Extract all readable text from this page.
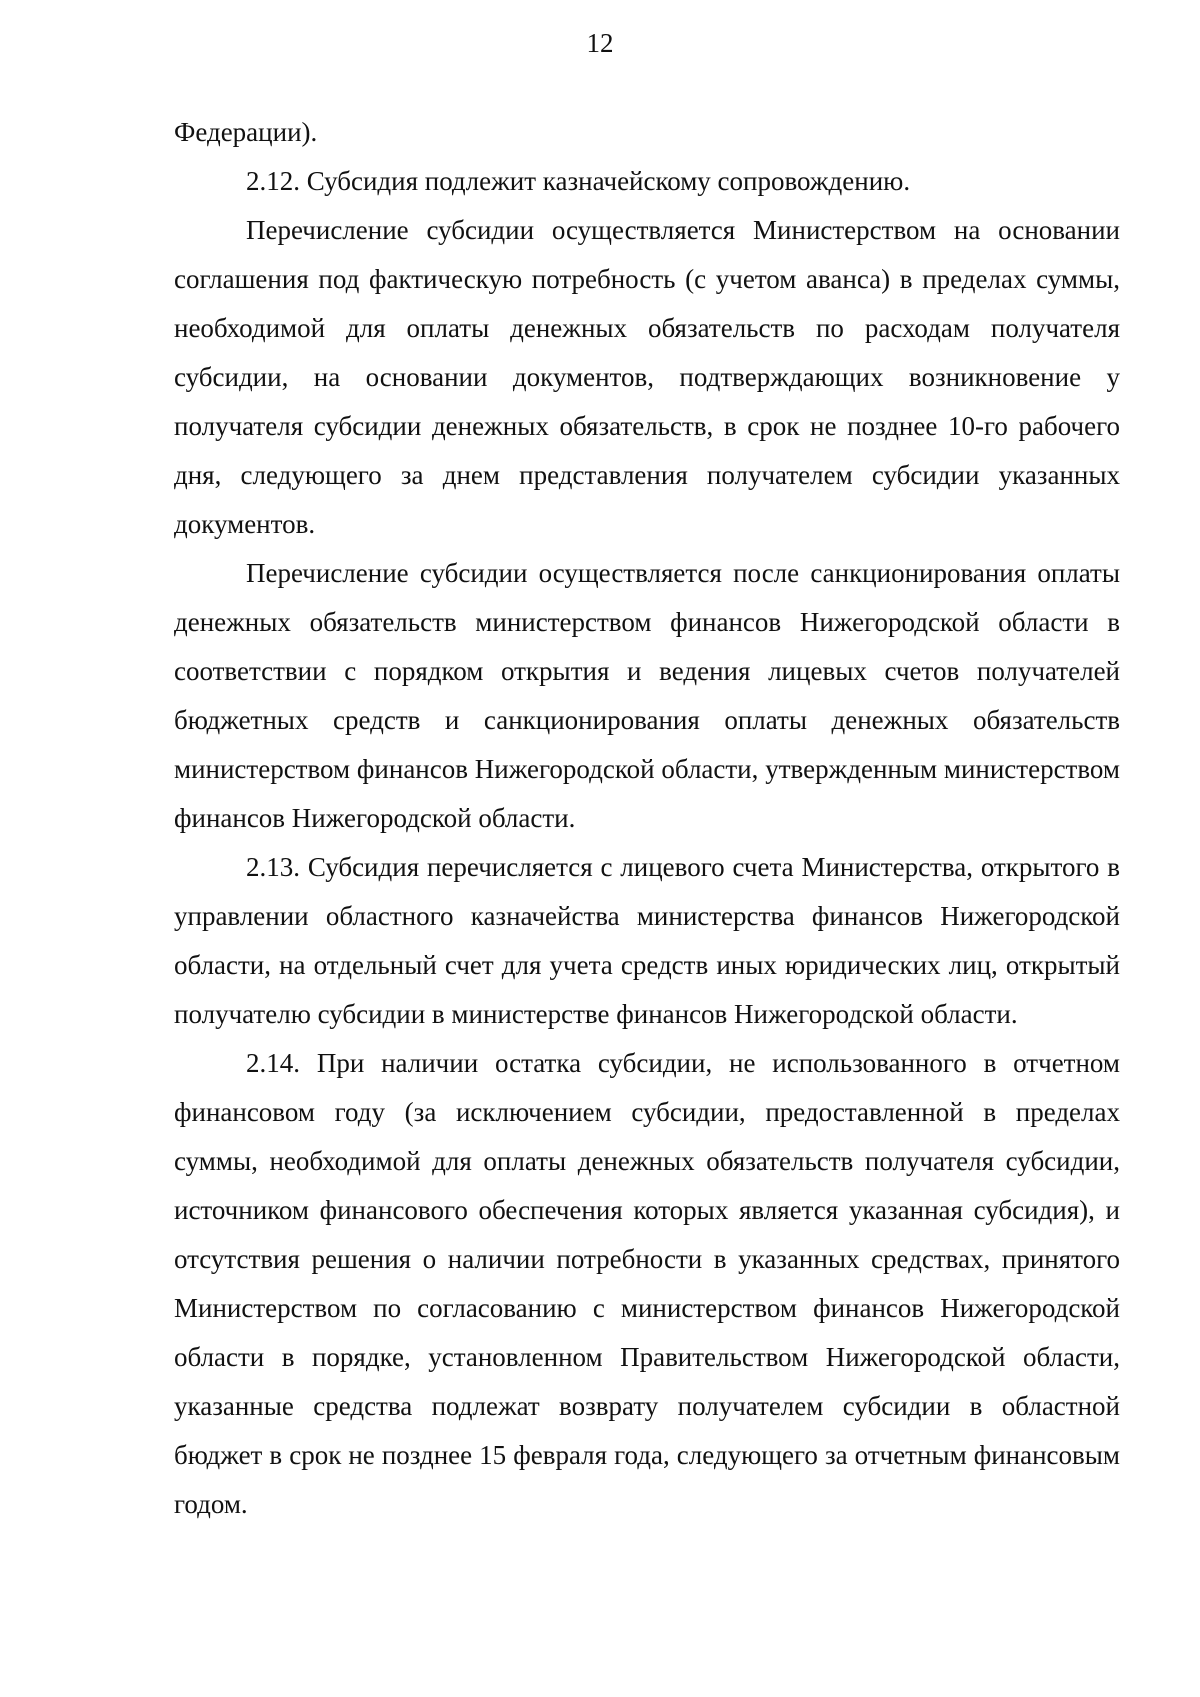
12

Федерации).

2.12. Субсидия подлежит казначейскому сопровождению.

Перечисление субсидии осуществляется Министерством на основании соглашения под фактическую потребность (с учетом аванса) в пределах суммы, необходимой для оплаты денежных обязательств по расходам получателя субсидии, на основании документов, подтверждающих возникновение у получателя субсидии денежных обязательств, в срок не позднее 10-го рабочего дня, следующего за днем представления получателем субсидии указанных документов.

Перечисление субсидии осуществляется после санкционирования оплаты денежных обязательств министерством финансов Нижегородской области в соответствии с порядком открытия и ведения лицевых счетов получателей бюджетных средств и санкционирования оплаты денежных обязательств министерством финансов Нижегородской области, утвержденным министерством финансов Нижегородской области.

2.13. Субсидия перечисляется с лицевого счета Министерства, открытого в управлении областного казначейства министерства финансов Нижегородской области, на отдельный счет для учета средств иных юридических лиц, открытый получателю субсидии в министерстве финансов Нижегородской области.

2.14. При наличии остатка субсидии, не использованного в отчетном финансовом году (за исключением субсидии, предоставленной в пределах суммы, необходимой для оплаты денежных обязательств получателя субсидии, источником финансового обеспечения которых является указанная субсидия), и отсутствия решения о наличии потребности в указанных средствах, принятого Министерством по согласованию с министерством финансов Нижегородской области в порядке, установленном Правительством Нижегородской области, указанные средства подлежат возврату получателем субсидии в областной бюджет в срок не позднее 15 февраля года, следующего за отчетным финансовым годом.
